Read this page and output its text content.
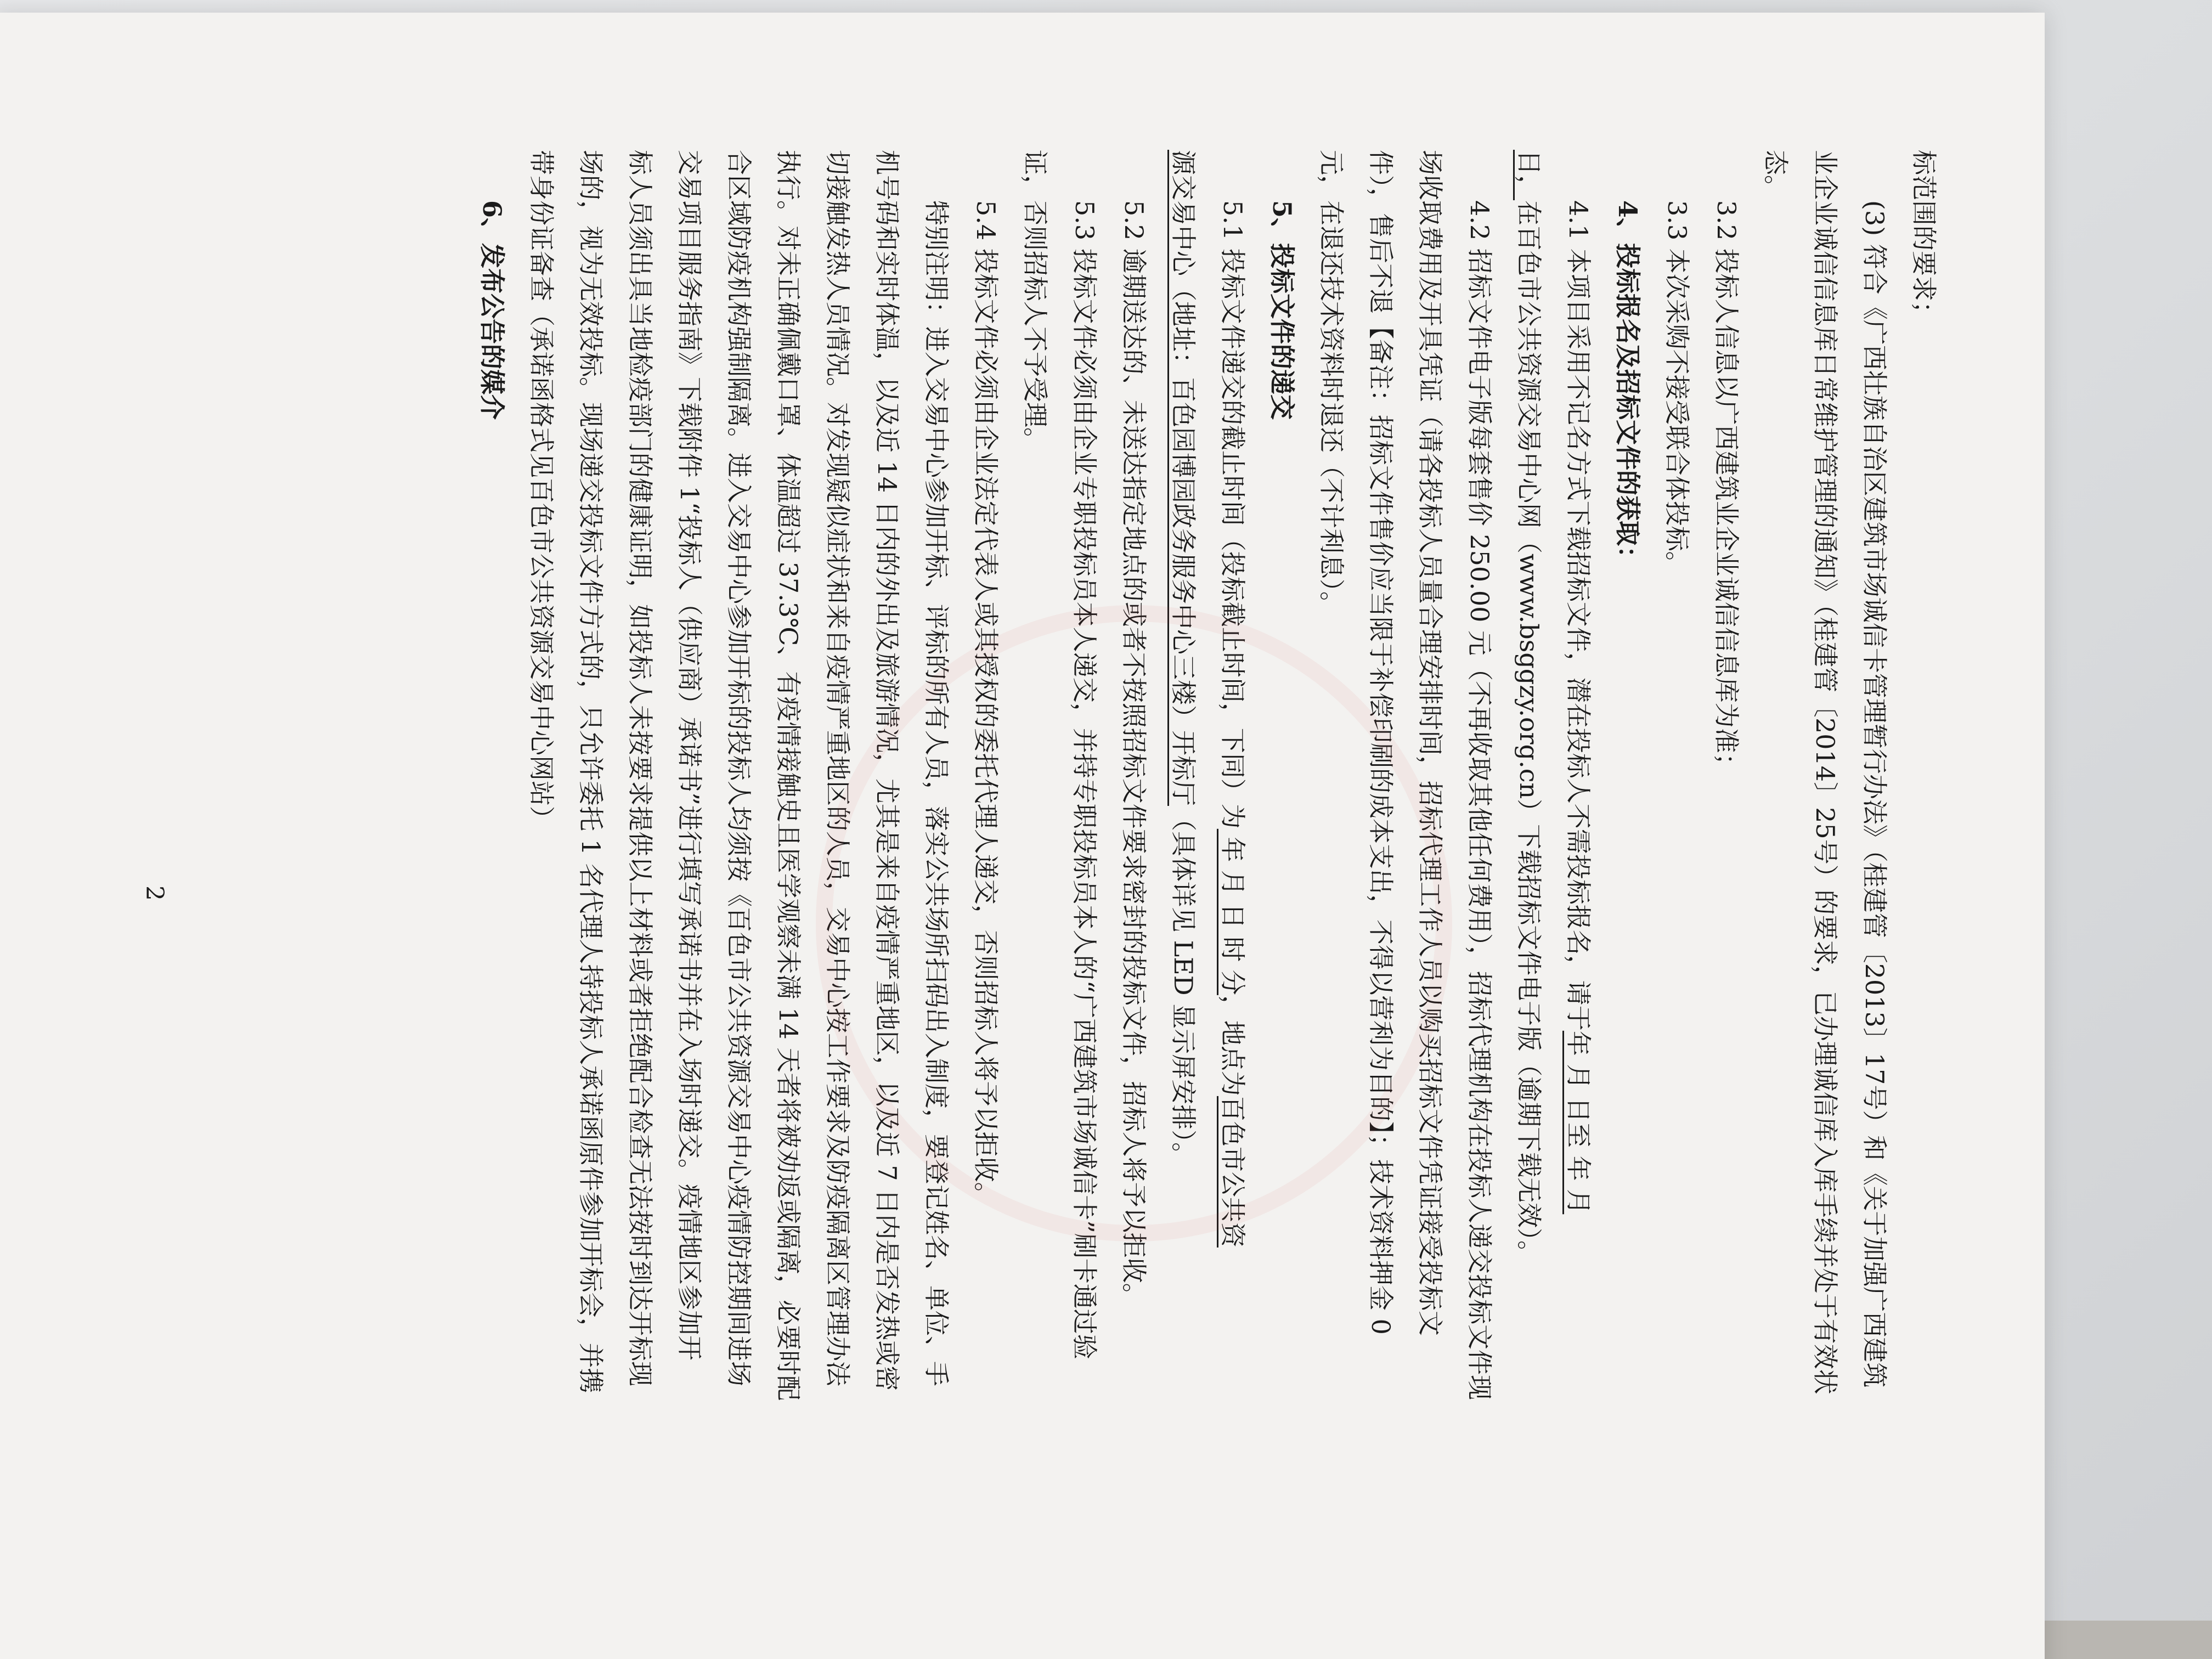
标范围的要求；
(3) 符合《广西壮族自治区建筑市场诚信卡管理暂行办法》（桂建管〔2013〕17号）和《关于加强广西建筑
业企业诚信信息库日常维护管理的通知》（桂建管〔2014〕25号）的要求，已办理诚信库入库手续并处于有效状
态。
3.2 投标人信息以广西建筑业企业诚信信息库为准；
3.3 本次采购不接受联合体投标。
4、投标报名及招标文件的获取：
4.1 本项目采用不记名方式下载招标文件，潜在投标人不需投标报名，请于年 月 日至 年 月
日，在百色市公共资源交易中心网（www.bsggzy.org.cn）下载招标文件电子版（逾期下载无效）。
4.2 招标文件电子版每套售价 250.00 元（不再收取其他任何费用），招标代理机构在投标人递交投标文件现
场收取费用及开具凭证（请各投标人员量合理安排时间，招标代理工作人员以购买招标文件凭证接受投标文
件），售后不退【备注：招标文件售价应当限于补偿印刷的成本支出，不得以营利为目的】；技术资料押金 0
元，在退还技术资料时退还（不计利息）。
5、投标文件的递交
5.1 投标文件递交的截止时间（投标截止时间，下同）为 年 月 日 时 分，地点为百色市公共资
源交易中心（地址：百色园博园政务服务中心三楼）开标厅（具体详见 LED 显示屏安排）。
5.2 逾期送达的、未送达指定地点的或者不按照招标文件要求密封的投标文件，招标人将予以拒收。
5.3 投标文件必须由企业专职投标员本人递交，并持专职投标员本人的“广西建筑市场诚信卡”刷卡通过验
证，否则招标人不予受理。
5.4 投标文件必须由企业法定代表人或其授权的委托代理人递交，否则招标人将予以拒收。
特别注明：进入交易中心参加开标、评标的所有人员，落实公共场所扫码出入制度，要登记姓名、单位、手
机号码和实时体温，以及近 14 日内的外出及旅游情况，尤其是来自疫情严重地区，以及近 7 日内是否发热或密
切接触发热人员情况。对发现疑似症状和来自疫情严重地区的人员，交易中心按工作要求及防疫隔离区管理办法
执行。对未正确佩戴口罩、体温超过 37.3℃、有疫情接触史且医学观察未满 14 天者将被劝返或隔离，必要时配
合区域防疫机构强制隔离。进入交易中心参加开标的投标人均须按《百色市公共资源交易中心疫情防控期间进场
交易项目服务指南》下载附件 1“投标人（供应商）承诺书”进行填写承诺书并在入场时递交。疫情地区参加开
标人员须出具当地检疫部门的健康证明，如投标人未按要求提供以上材料或者拒绝配合检查无法按时到达开标现
场的，视为无效投标。现场递交投标文件方式的，只允许委托 1 名代理人持投标人承诺函原件参加开标会，并携
带身份证备查（承诺函格式见百色市公共资源交易中心网站）
6、发布公告的媒介
2
